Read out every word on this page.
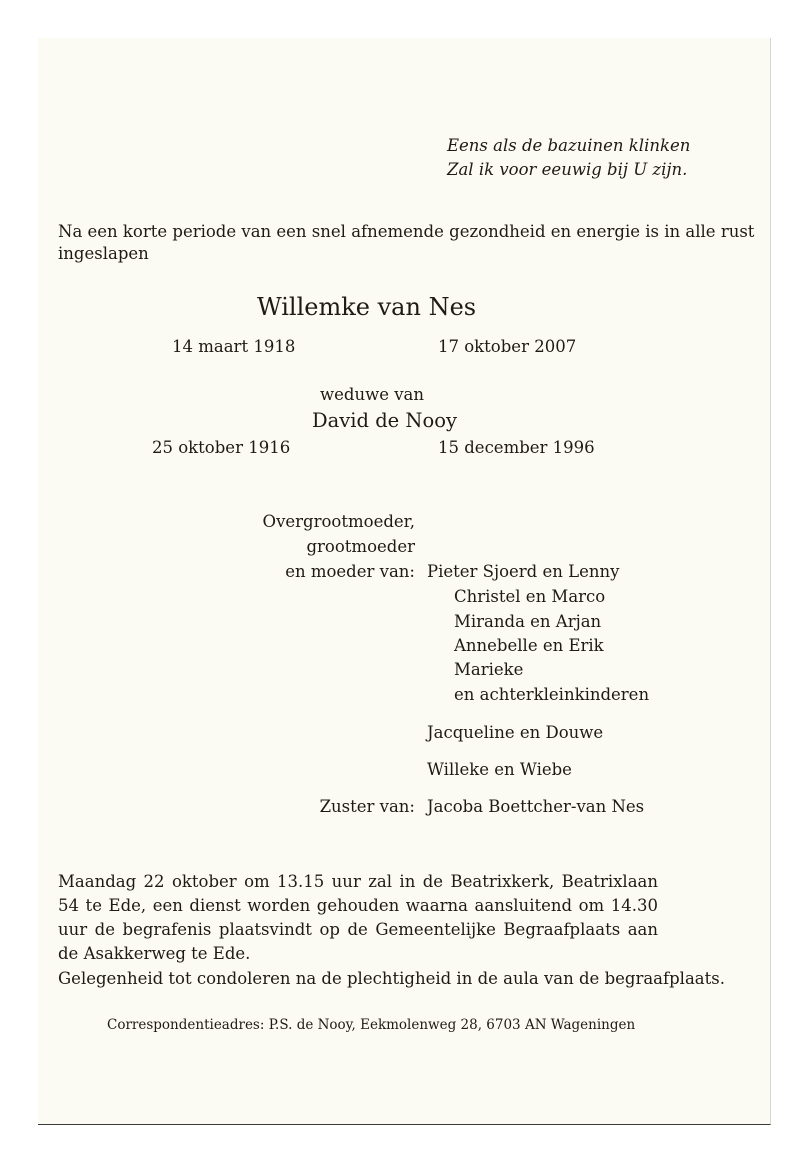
Eens als de bazuinen klinken
Zal ik voor eeuwig bij U zijn.
Na een korte periode van een snel afnemende gezondheid en energie is in alle rust
ingeslapen
Willemke van Nes
14 maart 1918	17 oktober 2007
weduwe van
David de Nooy
25 oktober 1916	15 december 1996
Overgrootmoeder,
grootmoeder
en moeder van: Pieter Sjoerd en Lenny
Christel en Marco
Miranda en Arjan
Annebelle en Erik
Marieke
en achterkleinkinderen
Jacqueline en Douwe
Willeke en Wiebe
Zuster van: Jacoba Boettcher-van Nes
Maandag 22 oktober om 13.15 uur zal in de Beatrixkerk, Beatrixlaan 54 te Ede, een dienst worden gehouden waarna aansluitend om 14.30 uur de begrafenis plaatsvindt op de Gemeentelijke Begraafplaats aan de Asakkerweg te Ede.
Gelegenheid tot condoleren na de plechtigheid in de aula van de begraafplaats.
Correspondentieadres: P.S. de Nooy, Eekmolenweg 28, 6703 AN Wageningen
